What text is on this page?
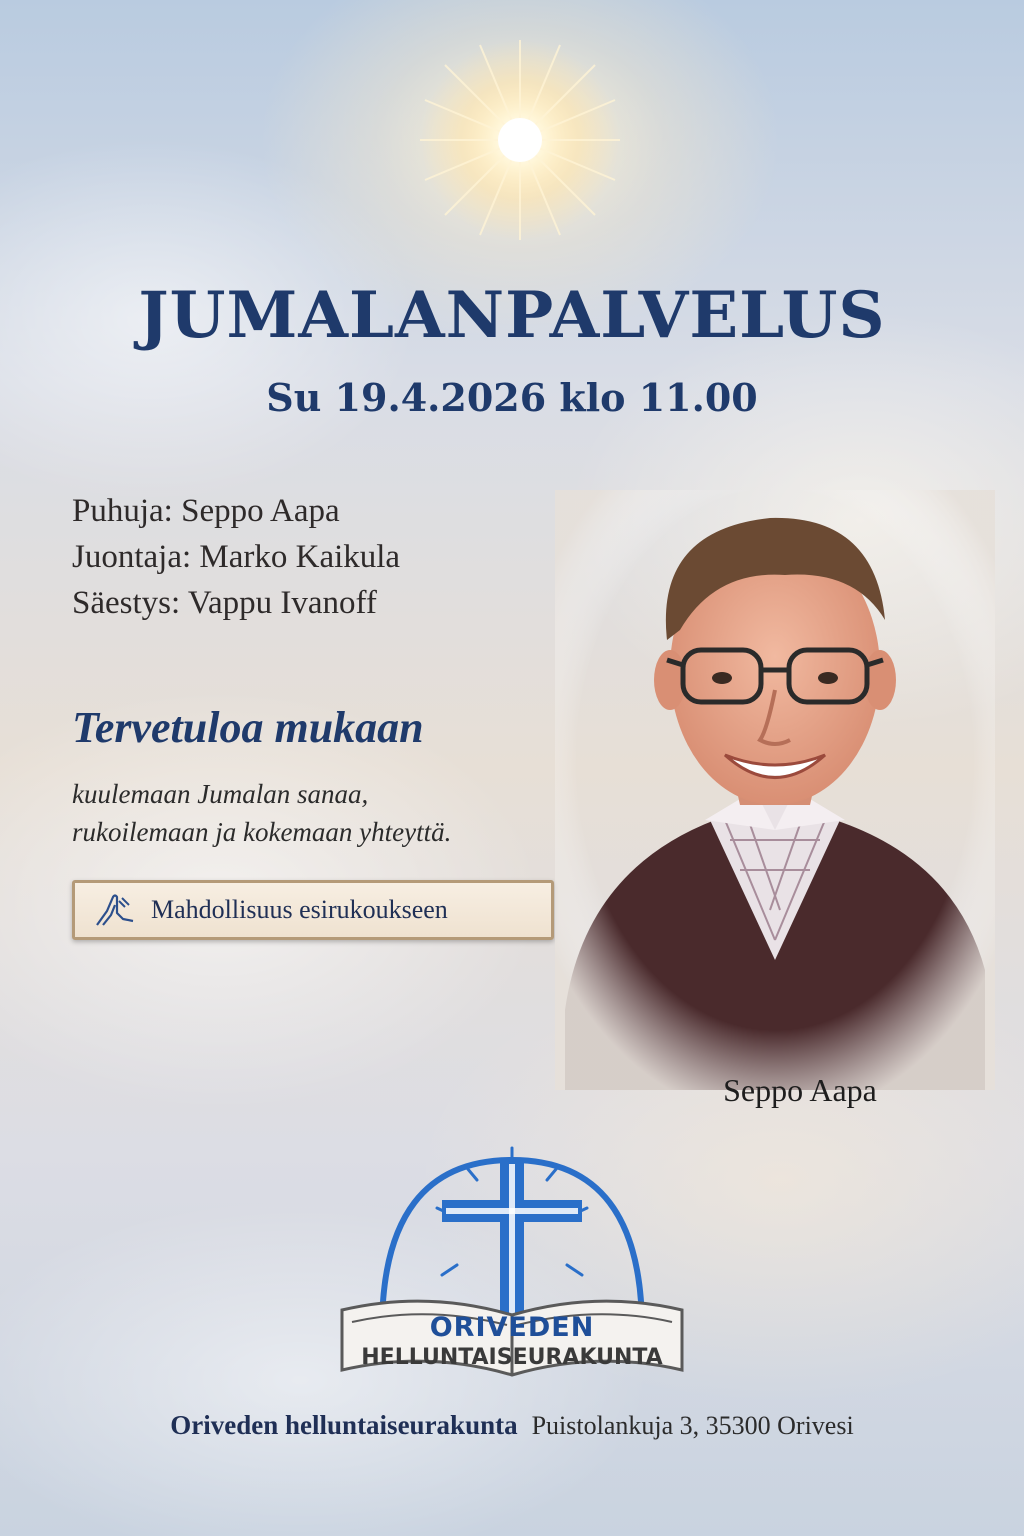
JUMALANPALVELUS
Su 19.4.2026 klo 11.00
Puhuja: Seppo Aapa
Juontaja: Marko Kaikula
Säestys: Vappu Ivanoff
Tervetuloa mukaan
kuulemaan Jumalan sanaa,
rukoilemaan ja kokemaan yhteyttä.
Mahdollisuus esirukoukseen
Seppo Aapa
ORIVEDEN
HELLUNTAISEURAKUNTA
Oriveden helluntaiseurakunta Puistolankuja 3, 35300 Orivesi
